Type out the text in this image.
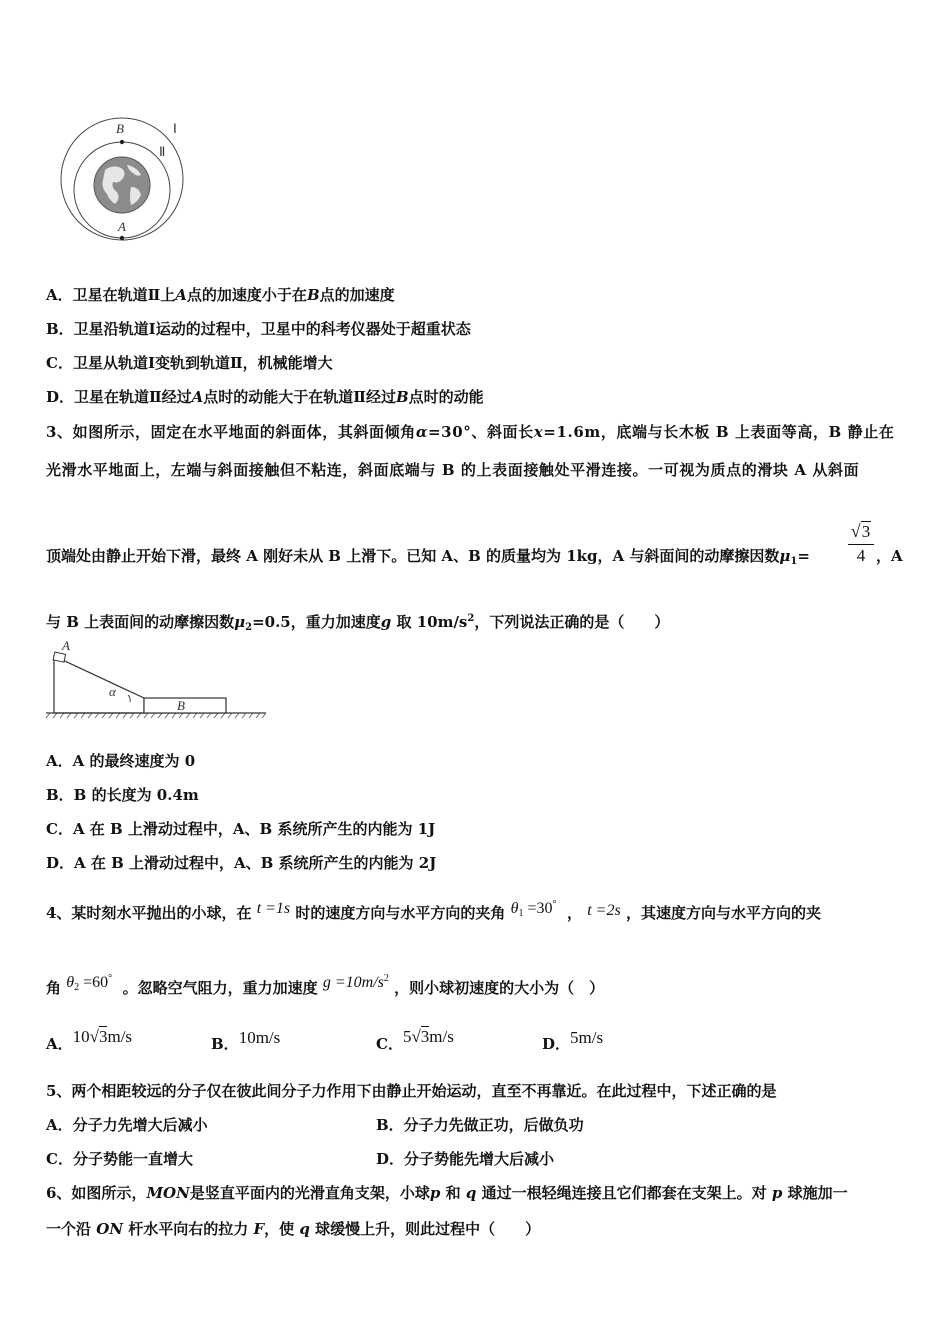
B
A
Ⅰ
Ⅱ
A．卫星在轨道Ⅱ上A点的加速度小于在B点的加速度
B．卫星沿轨道Ⅰ运动的过程中，卫星中的科考仪器处于超重状态
C．卫星从轨道Ⅰ变轨到轨道Ⅱ，机械能增大
D．卫星在轨道Ⅱ经过A点时的动能大于在轨道Ⅱ经过B点时的动能
3、如图所示，固定在水平地面的斜面体，其斜面倾角α=30°、斜面长x=1.6m，底端与长木板 B 上表面等高，B 静止在
光滑水平地面上，左端与斜面接触但不粘连，斜面底端与 B 的上表面接触处平滑连接。一可视为质点的滑块 A 从斜面
顶端处由静止开始下滑，最终 A 刚好未从 B 上滑下。已知 A、B 的质量均为 1kg，A 与斜面间的动摩擦因数$\mu_1=$
√3
4 ，A
与 B 上表面间的动摩擦因数$\mu_2=0.5$，重力加速度g 取 $10m/s^2$，下列说法正确的是（　　）
A
B
α
A．A 的最终速度为 0
B．B 的长度为 0.4m
C．A 在 B 上滑动过程中，A、B 系统所产生的内能为 1J
D．A 在 B 上滑动过程中，A、B 系统所产生的内能为 2J
4、某时刻水平抛出的小球，在 t =1s 时的速度方向与水平方向的夹角 $\theta_1 =30^\circ$ ， t =2s ，其速度方向与水平方向的夹
角 $\theta_2 =60^\circ$  。忽略空气阻力，重力加速度 $g =10m/s^2$ ，则小球初速度的大小为（　）
A．10√3m/s	B．10m/s	C．5√3m/s	D．5m/s
5、两个相距较远的分子仅在彼此间分子力作用下由静止开始运动，直至不再靠近。在此过程中，下述正确的是
A．分子力先增大后减小	B．分子力先做正功，后做负功
C．分子势能一直增大	D．分子势能先增大后减小
6、如图所示，MON是竖直平面内的光滑直角支架，小球p 和 q 通过一根轻绳连接且它们都套在支架上。对 p 球施加一
一个沿 ON 杆水平向右的拉力 F，使 q 球缓慢上升，则此过程中（　　）
